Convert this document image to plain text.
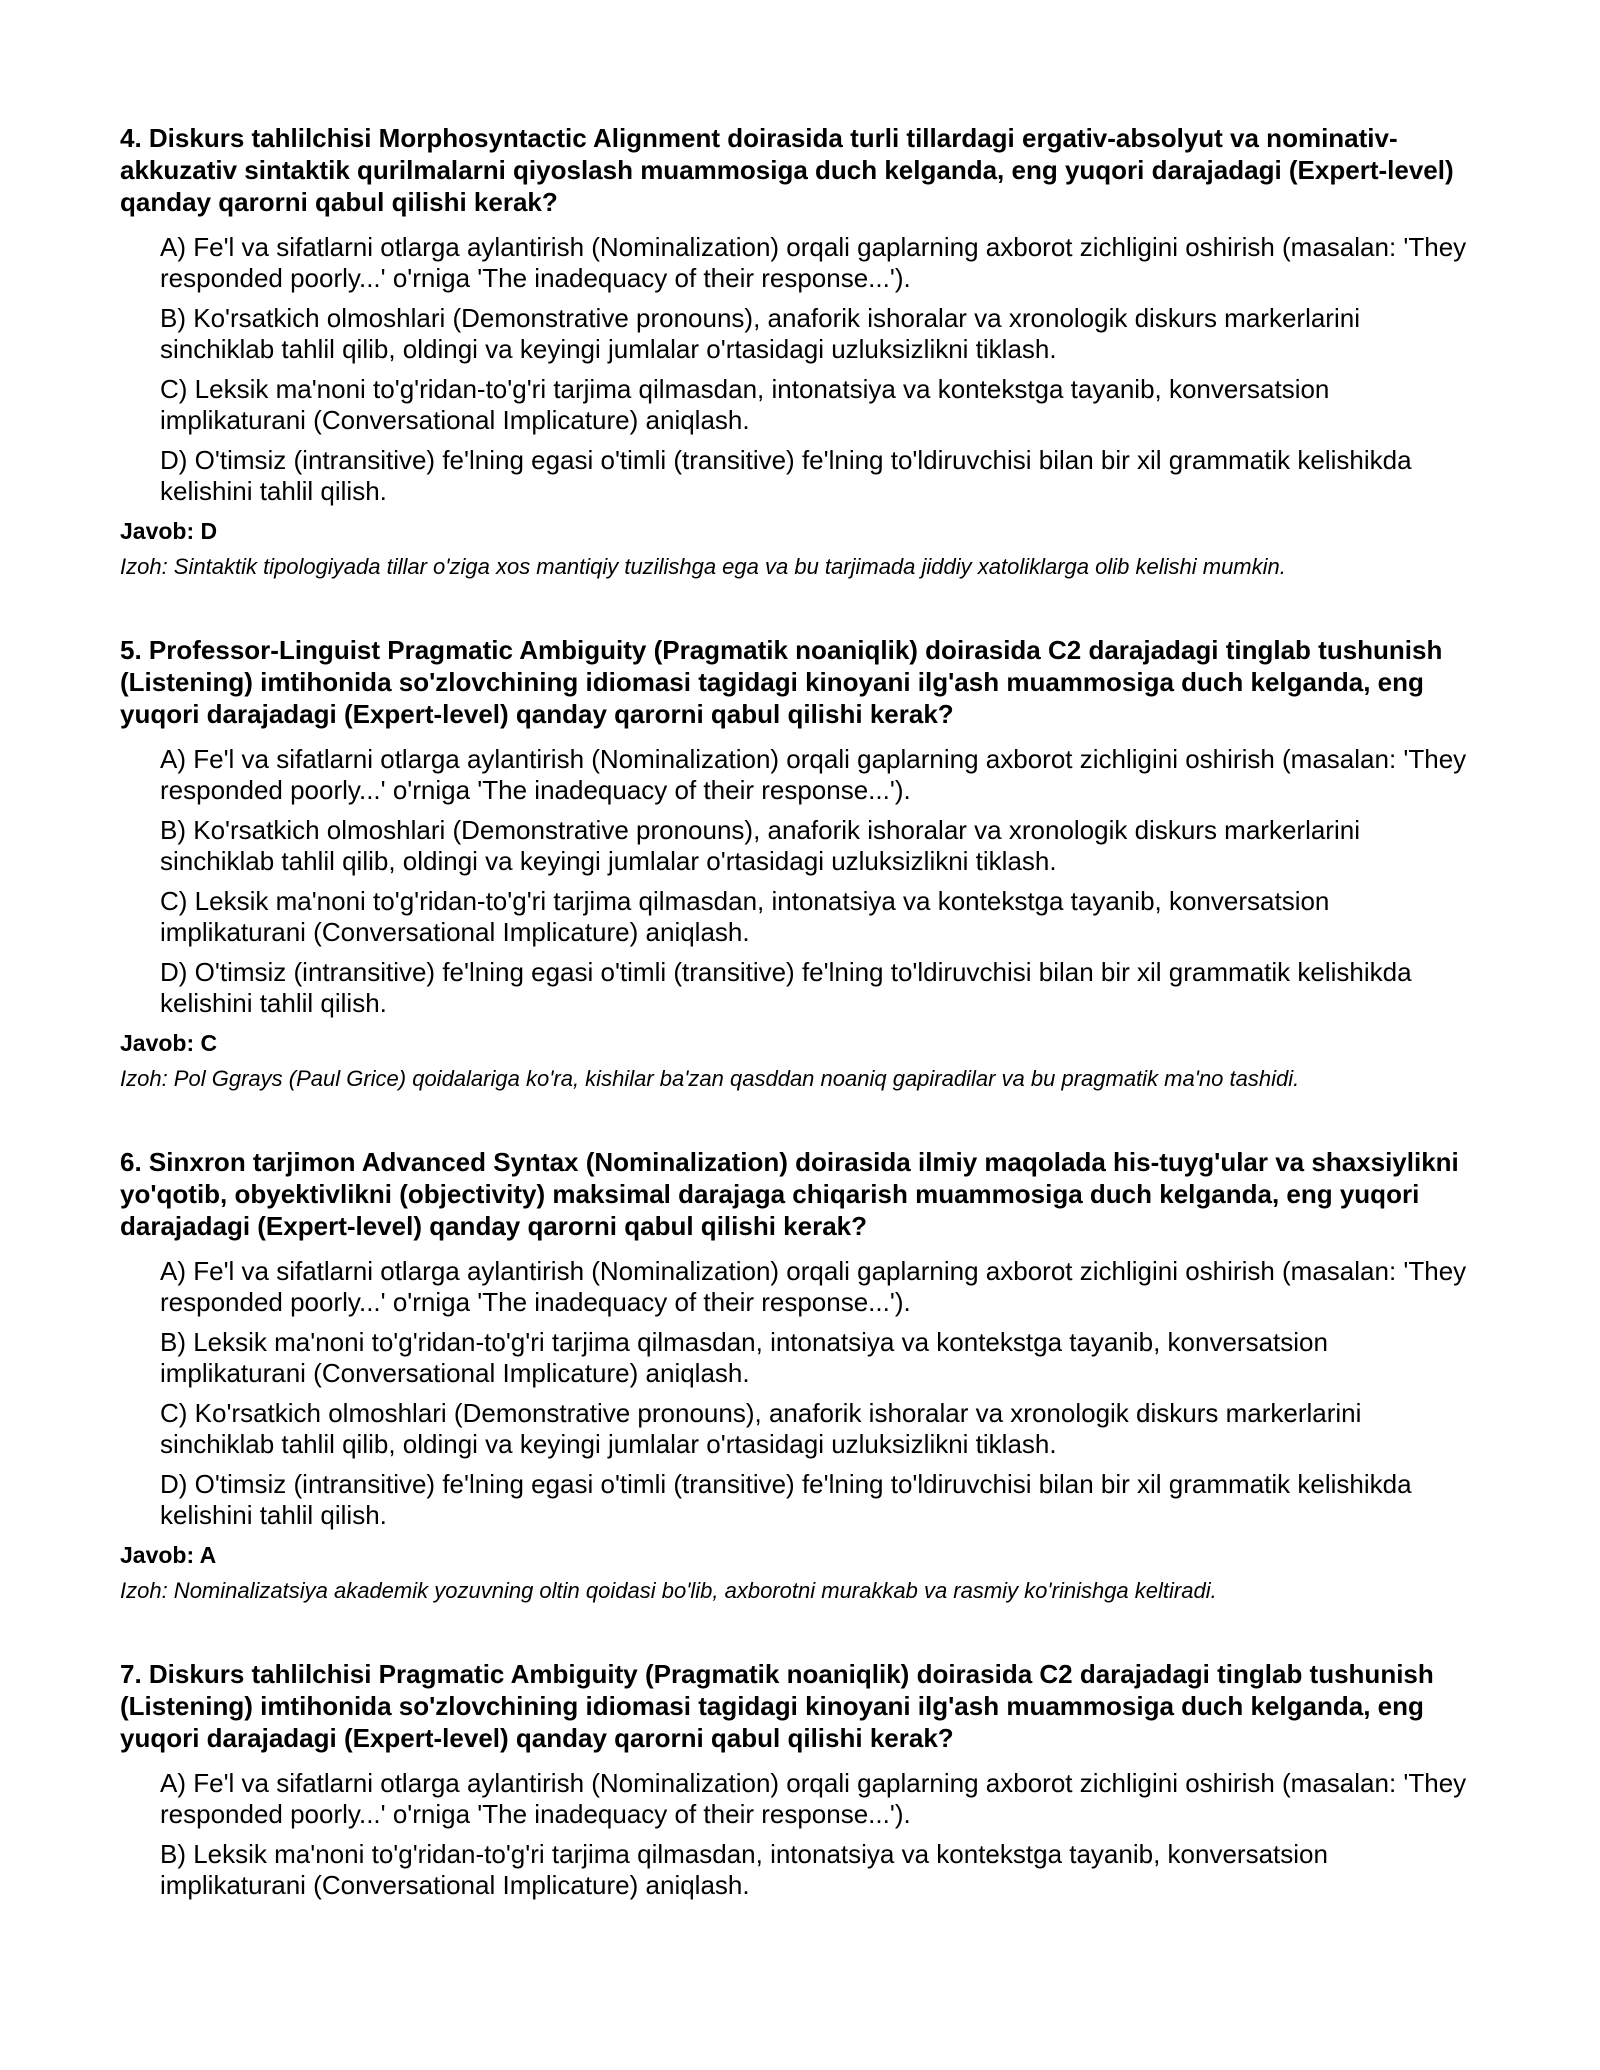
4. Diskurs tahlilchisi Morphosyntactic Alignment doirasida turli tillardagi ergativ-absolyut va nominativ-akkuzativ sintaktik qurilmalarni qiyoslash muammosiga duch kelganda, eng yuqori darajadagi (Expert-level) qanday qarorni qabul qilishi kerak?

A) Fe'l va sifatlarni otlarga aylantirish (Nominalization) orqali gaplarning axborot zichligini oshirish (masalan: 'They responded poorly...' o'rniga 'The inadequacy of their response...').

B) Ko'rsatkich olmoshlari (Demonstrative pronouns), anaforik ishoralar va xronologik diskurs markerlarini sinchiklab tahlil qilib, oldingi va keyingi jumlalar o'rtasidagi uzluksizlikni tiklash.

C) Leksik ma'noni to'g'ridan-to'g'ri tarjima qilmasdan, intonatsiya va kontekstga tayanib, konversatsion implikaturani (Conversational Implicature) aniqlash.

D) O'timsiz (intransitive) fe'lning egasi o'timli (transitive) fe'lning to'ldiruvchisi bilan bir xil grammatik kelishikda kelishini tahlil qilish.

Javob: D

Izoh: Sintaktik tipologiyada tillar o'ziga xos mantiqiy tuzilishga ega va bu tarjimada jiddiy xatoliklarga olib kelishi mumkin.

5. Professor-Linguist Pragmatic Ambiguity (Pragmatik noaniqlik) doirasida C2 darajadagi tinglab tushunish (Listening) imtihonida so'zlovchining idiomasi tagidagi kinoyani ilg'ash muammosiga duch kelganda, eng yuqori darajadagi (Expert-level) qanday qarorni qabul qilishi kerak?

A) Fe'l va sifatlarni otlarga aylantirish (Nominalization) orqali gaplarning axborot zichligini oshirish (masalan: 'They responded poorly...' o'rniga 'The inadequacy of their response...').

B) Ko'rsatkich olmoshlari (Demonstrative pronouns), anaforik ishoralar va xronologik diskurs markerlarini sinchiklab tahlil qilib, oldingi va keyingi jumlalar o'rtasidagi uzluksizlikni tiklash.

C) Leksik ma'noni to'g'ridan-to'g'ri tarjima qilmasdan, intonatsiya va kontekstga tayanib, konversatsion implikaturani (Conversational Implicature) aniqlash.

D) O'timsiz (intransitive) fe'lning egasi o'timli (transitive) fe'lning to'ldiruvchisi bilan bir xil grammatik kelishikda kelishini tahlil qilish.

Javob: C

Izoh: Pol Ggrays (Paul Grice) qoidalariga ko'ra, kishilar ba'zan qasddan noaniq gapiradilar va bu pragmatik ma'no tashidi.

6. Sinxron tarjimon Advanced Syntax (Nominalization) doirasida ilmiy maqolada his-tuyg'ular va shaxsiylikni yo'qotib, obyektivlikni (objectivity) maksimal darajaga chiqarish muammosiga duch kelganda, eng yuqori darajadagi (Expert-level) qanday qarorni qabul qilishi kerak?

A) Fe'l va sifatlarni otlarga aylantirish (Nominalization) orqali gaplarning axborot zichligini oshirish (masalan: 'They responded poorly...' o'rniga 'The inadequacy of their response...').

B) Leksik ma'noni to'g'ridan-to'g'ri tarjima qilmasdan, intonatsiya va kontekstga tayanib, konversatsion implikaturani (Conversational Implicature) aniqlash.

C) Ko'rsatkich olmoshlari (Demonstrative pronouns), anaforik ishoralar va xronologik diskurs markerlarini sinchiklab tahlil qilib, oldingi va keyingi jumlalar o'rtasidagi uzluksizlikni tiklash.

D) O'timsiz (intransitive) fe'lning egasi o'timli (transitive) fe'lning to'ldiruvchisi bilan bir xil grammatik kelishikda kelishini tahlil qilish.

Javob: A

Izoh: Nominalizatsiya akademik yozuvning oltin qoidasi bo'lib, axborotni murakkab va rasmiy ko'rinishga keltiradi.

7. Diskurs tahlilchisi Pragmatic Ambiguity (Pragmatik noaniqlik) doirasida C2 darajadagi tinglab tushunish (Listening) imtihonida so'zlovchining idiomasi tagidagi kinoyani ilg'ash muammosiga duch kelganda, eng yuqori darajadagi (Expert-level) qanday qarorni qabul qilishi kerak?

A) Fe'l va sifatlarni otlarga aylantirish (Nominalization) orqali gaplarning axborot zichligini oshirish (masalan: 'They responded poorly...' o'rniga 'The inadequacy of their response...').

B) Leksik ma'noni to'g'ridan-to'g'ri tarjima qilmasdan, intonatsiya va kontekstga tayanib, konversatsion implikaturani (Conversational Implicature) aniqlash.
